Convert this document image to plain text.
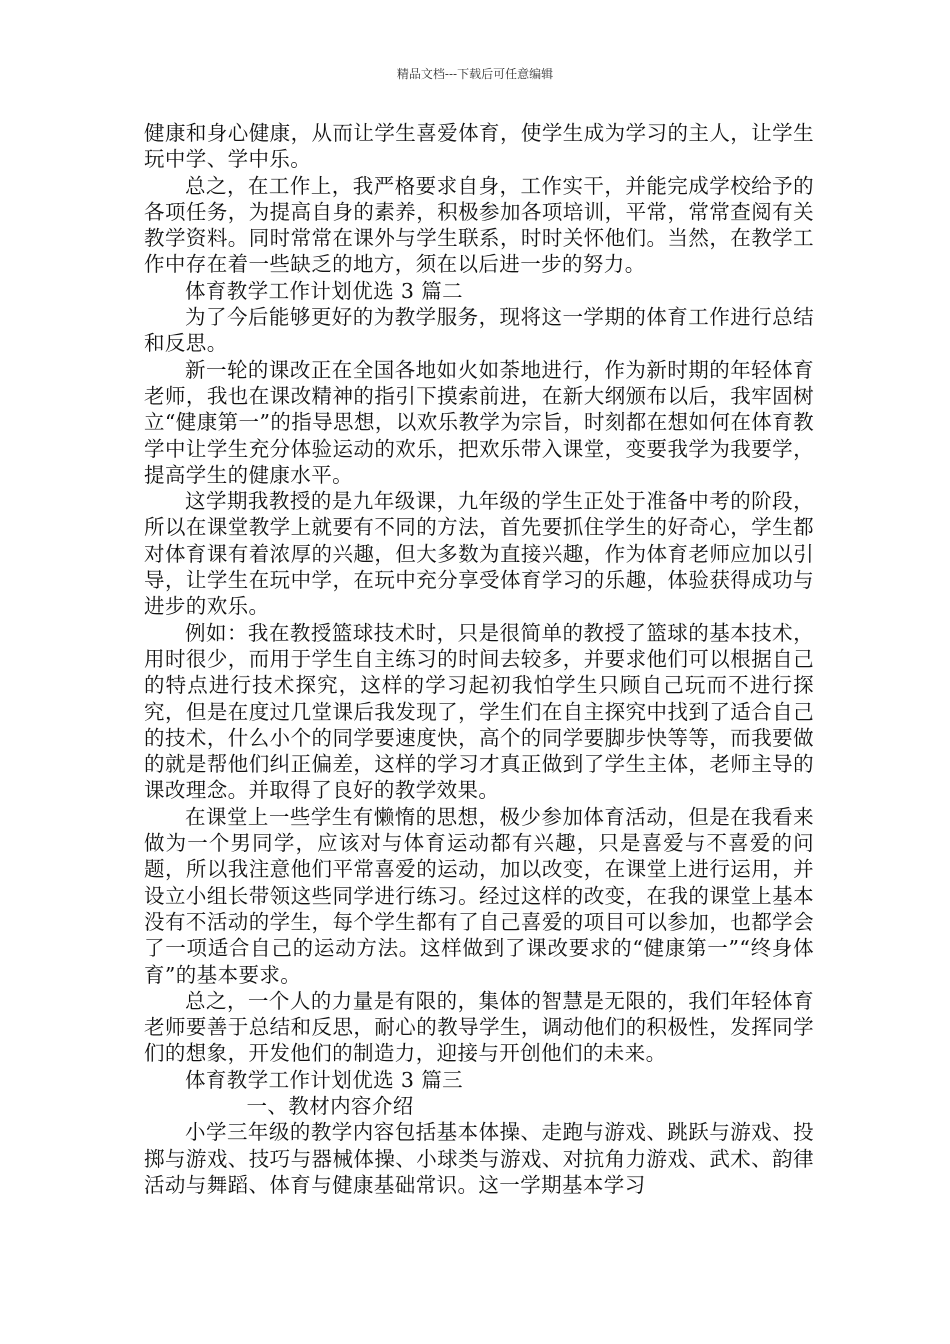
精品文档---下载后可任意编辑

健康和身心健康，从而让学生喜爱体育，使学生成为学习的主人，让学生玩中学、学中乐。

总之，在工作上，我严格要求自身，工作实干，并能完成学校给予的各项任务，为提高自身的素养，积极参加各项培训，平常，常常查阅有关教学资料。同时常常在课外与学生联系，时时关怀他们。当然，在教学工作中存在着一些缺乏的地方，须在以后进一步的努力。

体育教学工作计划优选 3 篇二

为了今后能够更好的为教学服务，现将这一学期的体育工作进行总结和反思。

新一轮的课改正在全国各地如火如荼地进行，作为新时期的年轻体育老师，我也在课改精神的指引下摸索前进，在新大纲颁布以后，我牢固树立“健康第一”的指导思想，以欢乐教学为宗旨，时刻都在想如何在体育教学中让学生充分体验运动的欢乐，把欢乐带入课堂，变要我学为我要学，提高学生的健康水平。

这学期我教授的是九年级课，九年级的学生正处于准备中考的阶段，所以在课堂教学上就要有不同的方法，首先要抓住学生的好奇心，学生都对体育课有着浓厚的兴趣，但大多数为直接兴趣，作为体育老师应加以引导，让学生在玩中学，在玩中充分享受体育学习的乐趣，体验获得成功与进步的欢乐。

例如：我在教授篮球技术时，只是很简单的教授了篮球的基本技术，用时很少，而用于学生自主练习的时间去较多，并要求他们可以根据自己的特点进行技术探究，这样的学习起初我怕学生只顾自己玩而不进行探究，但是在度过几堂课后我发现了，学生们在自主探究中找到了适合自己的技术，什么小个的同学要速度快，高个的同学要脚步快等等，而我要做的就是帮他们纠正偏差，这样的学习才真正做到了学生主体，老师主导的课改理念。并取得了良好的教学效果。

在课堂上一些学生有懒惰的思想，极少参加体育活动，但是在我看来做为一个男同学，应该对与体育运动都有兴趣，只是喜爱与不喜爱的问题，所以我注意他们平常喜爱的运动，加以改变，在课堂上进行运用，并设立小组长带领这些同学进行练习。经过这样的改变，在我的课堂上基本没有不活动的学生，每个学生都有了自己喜爱的项目可以参加，也都学会了一项适合自己的运动方法。这样做到了课改要求的“健康第一”“终身体育”的基本要求。

总之，一个人的力量是有限的，集体的智慧是无限的，我们年轻体育老师要善于总结和反思，耐心的教导学生，调动他们的积极性，发挥同学们的想象，开发他们的制造力，迎接与开创他们的未来。

体育教学工作计划优选 3 篇三

一、教材内容介绍

小学三年级的教学内容包括基本体操、走跑与游戏、跳跃与游戏、投掷与游戏、技巧与器械体操、小球类与游戏、对抗角力游戏、武术、韵律活动与舞蹈、体育与健康基础常识。这一学期基本学习
